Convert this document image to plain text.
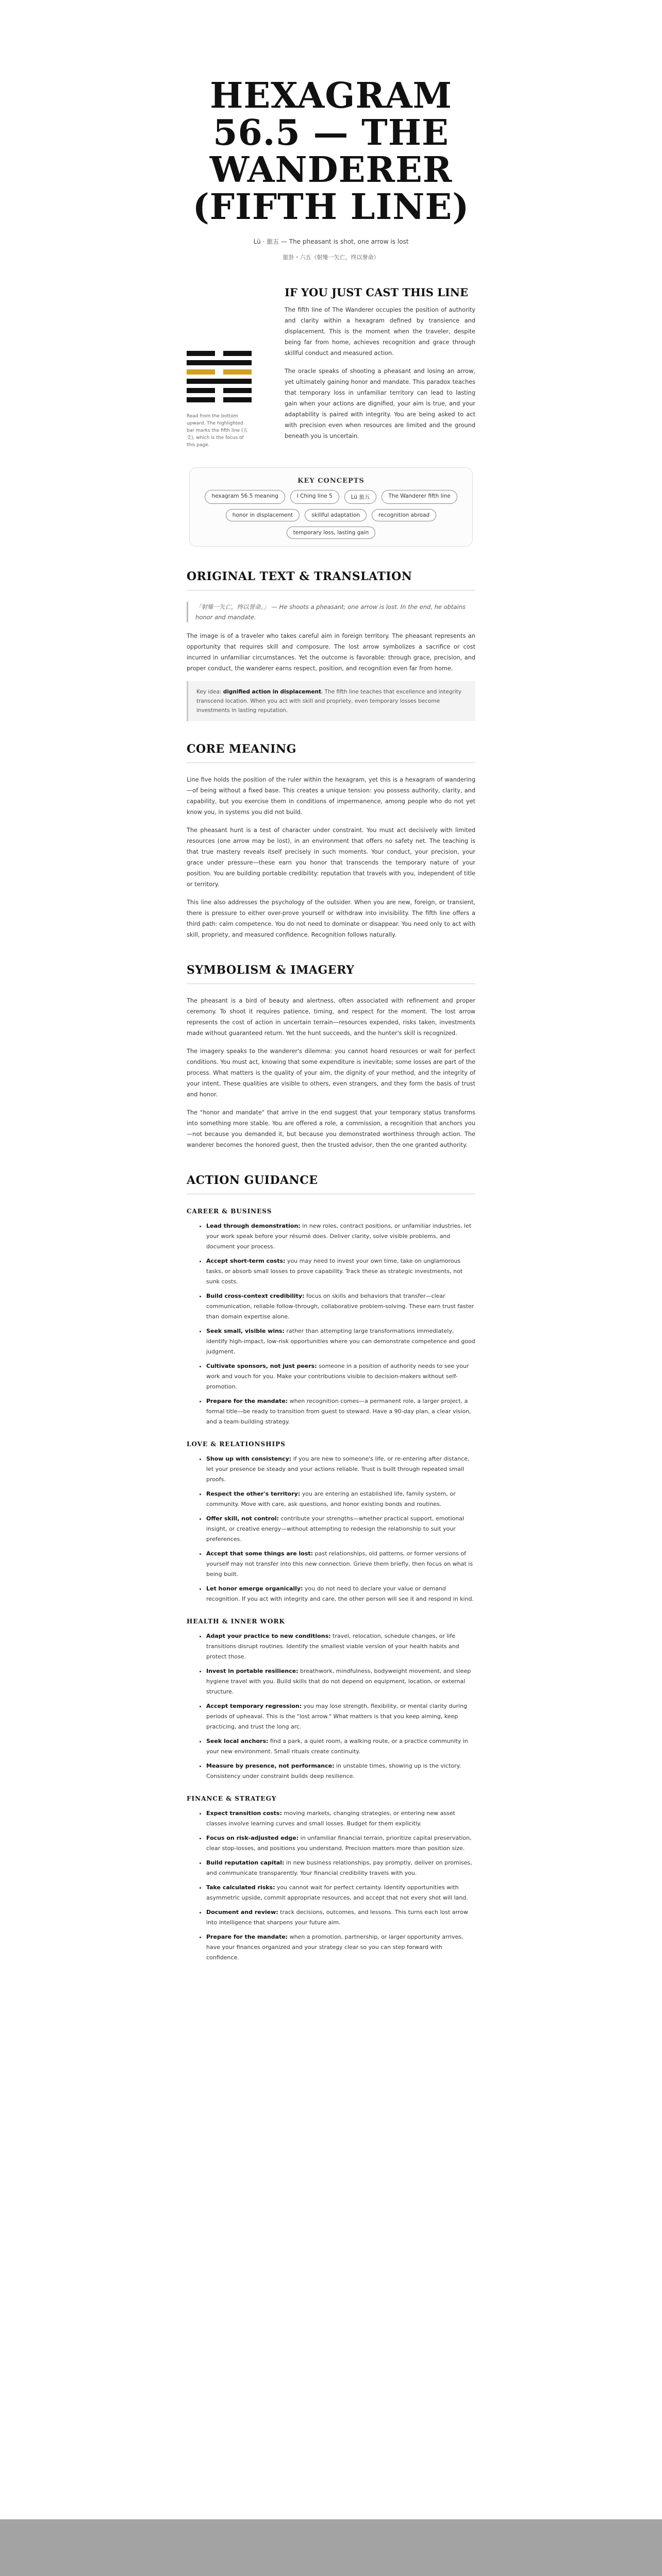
HEXAGRAM 56.5 — THE WANDERER (FIFTH LINE)
Lü · 旅五 — The pheasant is shot, one arrow is lost
旅卦・六五（射雉一矢亡，终以誉命）
Read from the bottom upward. The highlighted bar marks the fifth line (五爻), which is the focus of this page.
IF YOU JUST CAST THIS LINE

The fifth line of The Wanderer occupies the position of authority and clarity within a hexagram defined by transience and displacement. This is the moment when the traveler, despite being far from home, achieves recognition and grace through skillful conduct and measured action.

The oracle speaks of shooting a pheasant and losing an arrow, yet ultimately gaining honor and mandate. This paradox teaches that temporary loss in unfamiliar territory can lead to lasting gain when your actions are dignified, your aim is true, and your adaptability is paired with integrity. You are being asked to act with precision even when resources are limited and the ground beneath you is uncertain.

KEY CONCEPTS
hexagram 56.5 meaning	I Ching line 5	Lü 旅五	The Wanderer fifth line
honor in displacement	skillful adaptation	recognition abroad
temporary loss, lasting gain
ORIGINAL TEXT & TRANSLATION
「射雉一矢亡，终以誉命。」 — He shoots a pheasant; one arrow is lost. In the end, he obtains honor and mandate.

The image is of a traveler who takes careful aim in foreign territory. The pheasant represents an opportunity that requires skill and composure. The lost arrow symbolizes a sacrifice or cost incurred in unfamiliar circumstances. Yet the outcome is favorable: through grace, precision, and proper conduct, the wanderer earns respect, position, and recognition even far from home.

Key idea: dignified action in displacement. The fifth line teaches that excellence and integrity transcend location. When you act with skill and propriety, even temporary losses become investments in lasting reputation.
CORE MEANING

Line five holds the position of the ruler within the hexagram, yet this is a hexagram of wandering—of being without a fixed base. This creates a unique tension: you possess authority, clarity, and capability, but you exercise them in conditions of impermanence, among people who do not yet know you, in systems you did not build.

The pheasant hunt is a test of character under constraint. You must act decisively with limited resources (one arrow may be lost), in an environment that offers no safety net. The teaching is that true mastery reveals itself precisely in such moments. Your conduct, your precision, your grace under pressure—these earn you honor that transcends the temporary nature of your position. You are building portable credibility: reputation that travels with you, independent of title or territory.

This line also addresses the psychology of the outsider. When you are new, foreign, or transient, there is pressure to either over-prove yourself or withdraw into invisibility. The fifth line offers a third path: calm competence. You do not need to dominate or disappear. You need only to act with skill, propriety, and measured confidence. Recognition follows naturally.

SYMBOLISM & IMAGERY

The pheasant is a bird of beauty and alertness, often associated with refinement and proper ceremony. To shoot it requires patience, timing, and respect for the moment. The lost arrow represents the cost of action in uncertain terrain—resources expended, risks taken, investments made without guaranteed return. Yet the hunt succeeds, and the hunter's skill is recognized.

The imagery speaks to the wanderer's dilemma: you cannot hoard resources or wait for perfect conditions. You must act, knowing that some expenditure is inevitable; some losses are part of the process. What matters is the quality of your aim, the dignity of your method, and the integrity of your intent. These qualities are visible to others, even strangers, and they form the basis of trust and honor.

The "honor and mandate" that arrive in the end suggest that your temporary status transforms into something more stable. You are offered a role, a commission, a recognition that anchors you—not because you demanded it, but because you demonstrated worthiness through action. The wanderer becomes the honored guest, then the trusted advisor, then the one granted authority.

ACTION GUIDANCE
CAREER & BUSINESS
• Lead through demonstration: in new roles, contract positions, or unfamiliar industries, let your work speak before your résumé does. Deliver clarity, solve visible problems, and document your process.
• Accept short-term costs: you may need to invest your own time, take on unglamorous tasks, or absorb small losses to prove capability. Track these as strategic investments, not sunk costs.
• Build cross-context credibility: focus on skills and behaviors that transfer—clear communication, reliable follow-through, collaborative problem-solving. These earn trust faster than domain expertise alone.
• Seek small, visible wins: rather than attempting large transformations immediately, identify high-impact, low-risk opportunities where you can demonstrate competence and good judgment.
• Cultivate sponsors, not just peers: someone in a position of authority needs to see your work and vouch for you. Make your contributions visible to decision-makers without self-promotion.
• Prepare for the mandate: when recognition comes—a permanent role, a larger project, a formal title—be ready to transition from guest to steward. Have a 90-day plan, a clear vision, and a team-building strategy.
LOVE & RELATIONSHIPS
• Show up with consistency: if you are new to someone's life, or re-entering after distance, let your presence be steady and your actions reliable. Trust is built through repeated small proofs.
• Respect the other's territory: you are entering an established life, family system, or community. Move with care, ask questions, and honor existing bonds and routines.
• Offer skill, not control: contribute your strengths—whether practical support, emotional insight, or creative energy—without attempting to redesign the relationship to suit your preferences.
• Accept that some things are lost: past relationships, old patterns, or former versions of yourself may not transfer into this new connection. Grieve them briefly, then focus on what is being built.
• Let honor emerge organically: you do not need to declare your value or demand recognition. If you act with integrity and care, the other person will see it and respond in kind.
HEALTH & INNER WORK
• Adapt your practice to new conditions: travel, relocation, schedule changes, or life transitions disrupt routines. Identify the smallest viable version of your health habits and protect those.
• Invest in portable resilience: breathwork, mindfulness, bodyweight movement, and sleep hygiene travel with you. Build skills that do not depend on equipment, location, or external structure.
• Accept temporary regression: you may lose strength, flexibility, or mental clarity during periods of upheaval. This is the "lost arrow." What matters is that you keep aiming, keep practicing, and trust the long arc.
• Seek local anchors: find a park, a quiet room, a walking route, or a practice community in your new environment. Small rituals create continuity.
• Measure by presence, not performance: in unstable times, showing up is the victory. Consistency under constraint builds deep resilience.
FINANCE & STRATEGY
• Expect transition costs: moving markets, changing strategies, or entering new asset classes involve learning curves and small losses. Budget for them explicitly.
• Focus on risk-adjusted edge: in unfamiliar financial terrain, prioritize capital preservation, clear stop-losses, and positions you understand. Precision matters more than position size.
• Build reputation capital: in new business relationships, pay promptly, deliver on promises, and communicate transparently. Your financial credibility travels with you.
• Take calculated risks: you cannot wait for perfect certainty. Identify opportunities with asymmetric upside, commit appropriate resources, and accept that not every shot will land.
• Document and review: track decisions, outcomes, and lessons. This turns each lost arrow into intelligence that sharpens your future aim.
• Prepare for the mandate: when a promotion, partnership, or larger opportunity arrives, have your finances organized and your strategy clear so you can step forward with confidence.
